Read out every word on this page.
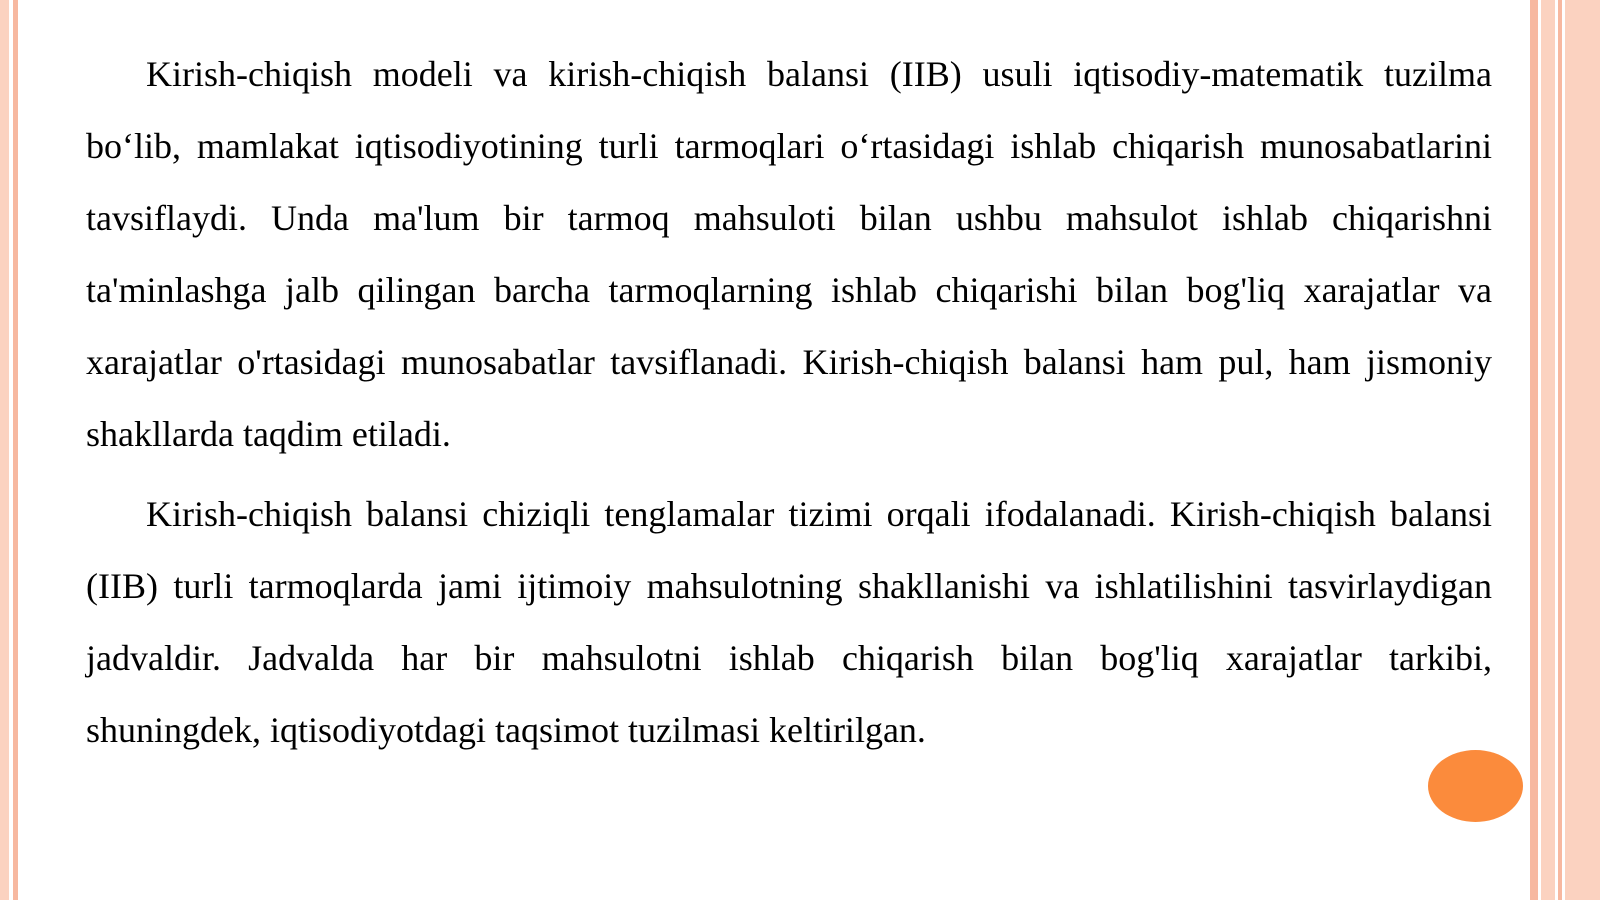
Kirish-chiqish modeli va kirish-chiqish balansi (IIB) usuli iqtisodiy-matematik tuzilma bo‘lib, mamlakat iqtisodiyotining turli tarmoqlari o‘rtasidagi ishlab chiqarish munosabatlarini tavsiflaydi. Unda ma'lum bir tarmoq mahsuloti bilan ushbu mahsulot ishlab chiqarishni ta'minlashga jalb qilingan barcha tarmoqlarning ishlab chiqarishi bilan bog'liq xarajatlar va xarajatlar o'rtasidagi munosabatlar tavsiflanadi. Kirish-chiqish balansi ham pul, ham jismoniy shakllarda taqdim etiladi.

Kirish-chiqish balansi chiziqli tenglamalar tizimi orqali ifodalanadi. Kirish-chiqish balansi (IIB) turli tarmoqlarda jami ijtimoiy mahsulotning shakllanishi va ishlatilishini tasvirlaydigan jadvaldir. Jadvalda har bir mahsulotni ishlab chiqarish bilan bog'liq xarajatlar tarkibi, shuningdek, iqtisodiyotdagi taqsimot tuzilmasi keltirilgan.
